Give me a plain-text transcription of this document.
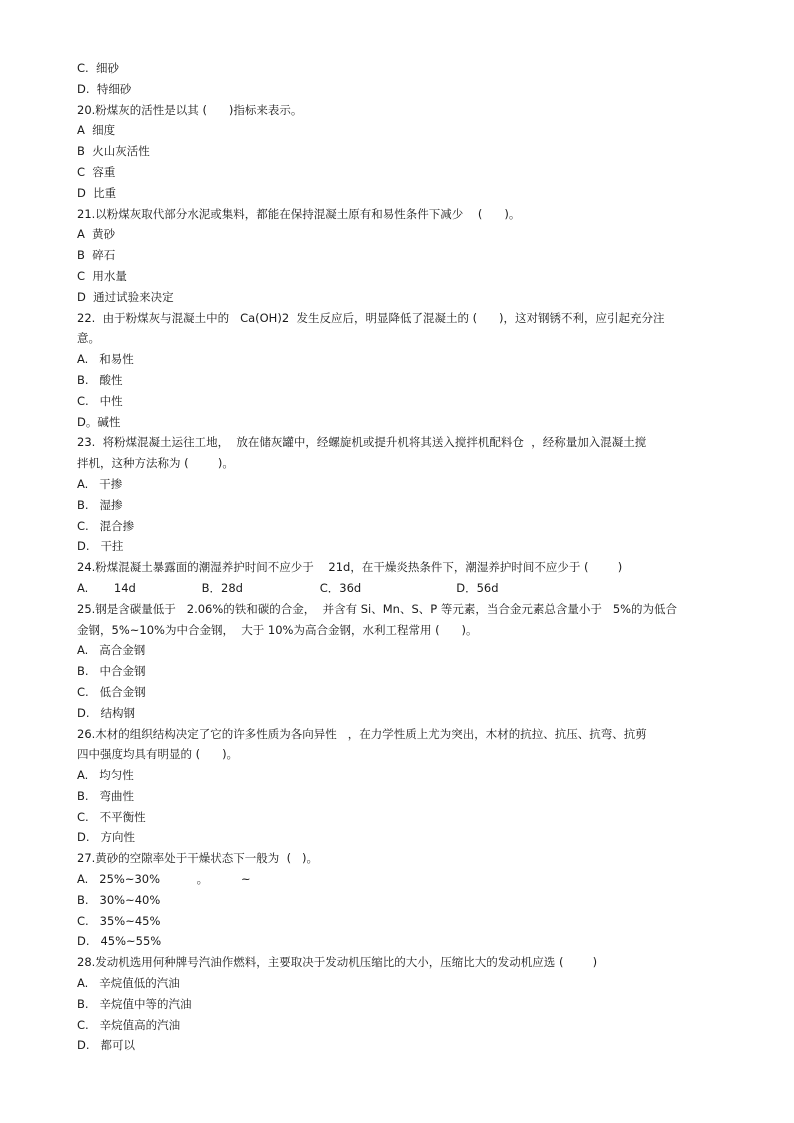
C.  细砂
D.  特细砂
20.粉煤灰的活性是以其 (      )指标来表示。
A  细度
B  火山灰活性
C  容重
D  比重
21.以粉煤灰取代部分水泥或集料，都能在保持混凝土原有和易性条件下减少    (      )。
A  黄砂
B  碎石
C  用水量
D  通过试验来决定
22.  由于粉煤灰与混凝土中的   Ca(OH)2  发生反应后，明显降低了混凝土的 (      )，这对钢锈不利，应引起充分注
意。
A.   和易性
B.   酸性
C.   中性
D。碱性
23.  将粉煤混凝土运往工地，  放在储灰罐中，经螺旋机或提升机将其送入搅拌机配料仓  ，经称量加入混凝土搅
拌机，这种方法称为 (        )。
A.   干掺
B.   湿掺
C.   混合掺
D.   干拄
24.粉煤混凝土暴露面的潮湿养护时间不应少于    21d，在干燥炎热条件下，潮湿养护时间不应少于 (        )
A.       14d                  B．28d                     C．36d                          D．56d
25.钢是含碳量低于   2.06%的铁和碳的合金，  并含有 Si、Mn、S、P 等元素，当合金元素总含量小于   5%的为低合
金钢，5%~10%为中合金钢，  大于 10%为高合金钢，水利工程常用 (      )。
A.   高合金钢
B.   中合金钢
C.   低合金钢
D.   结构钢
26.木材的组织结构决定了它的许多性质为各向异性   ，在力学性质上尤为突出，木材的抗拉、抗压、抗弯、抗剪
四中强度均具有明显的 (      )。
A.   均匀性
B.   弯曲性
C.   不平衡性
D.   方向性
27.黄砂的空隙率处于干燥状态下一般为  (   )。
A.   25%~30%          。         ~
B.   30%~40%
C.   35%~45%
D.   45%~55%
28.发动机选用何种牌号汽油作燃料，主要取决于发动机压缩比的大小，压缩比大的发动机应选 (        )
A.   辛烷值低的汽油
B.   辛烷值中等的汽油
C.   辛烷值高的汽油
D.   都可以
